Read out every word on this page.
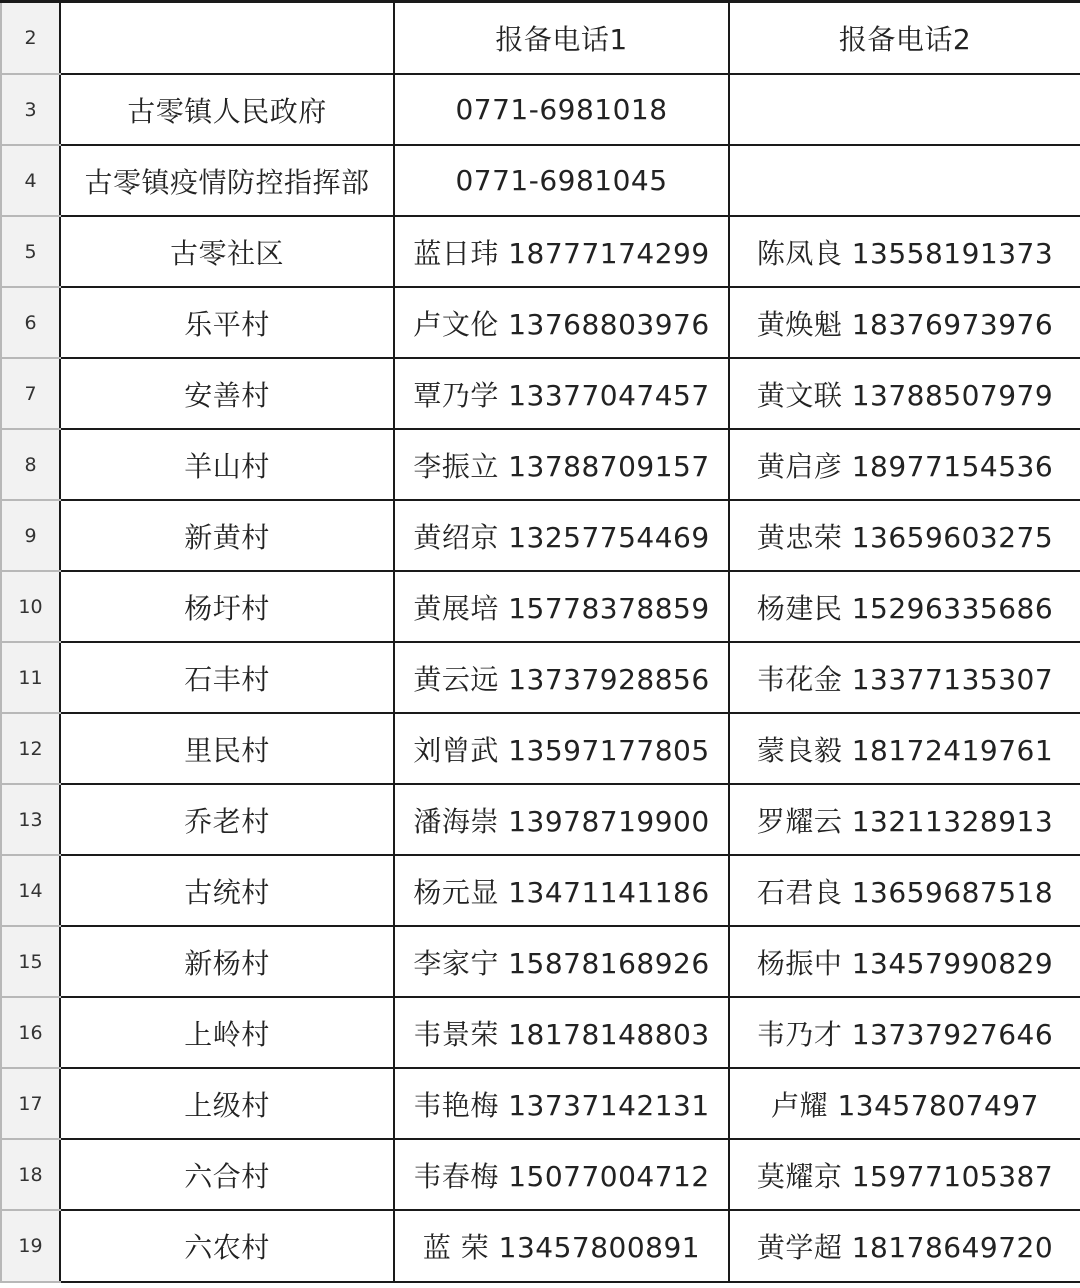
2		报备电话1	报备电话2
3	古零镇人民政府	0771-6981018	
4	古零镇疫情防控指挥部	0771-6981045	
5	古零社区	蓝日玮 18777174299	陈凤良 13558191373
6	乐平村	卢文伦 13768803976	黄焕魁 18376973976
7	安善村	覃乃学 13377047457	黄文联 13788507979
8	羊山村	李振立 13788709157	黄启彦 18977154536
9	新黄村	黄绍京 13257754469	黄忠荣 13659603275
10	杨圩村	黄展培 15778378859	杨建民 15296335686
11	石丰村	黄云远 13737928856	韦花金 13377135307
12	里民村	刘曾武 13597177805	蒙良毅 18172419761
13	乔老村	潘海崇 13978719900	罗耀云 13211328913
14	古统村	杨元显 13471141186	石君良 13659687518
15	新杨村	李家宁 15878168926	杨振中 13457990829
16	上岭村	韦景荣 18178148803	韦乃才 13737927646
17	上级村	韦艳梅 13737142131	卢耀 13457807497
18	六合村	韦春梅 15077004712	莫耀京 15977105387
19	六农村	蓝 荣 13457800891	黄学超 18178649720
